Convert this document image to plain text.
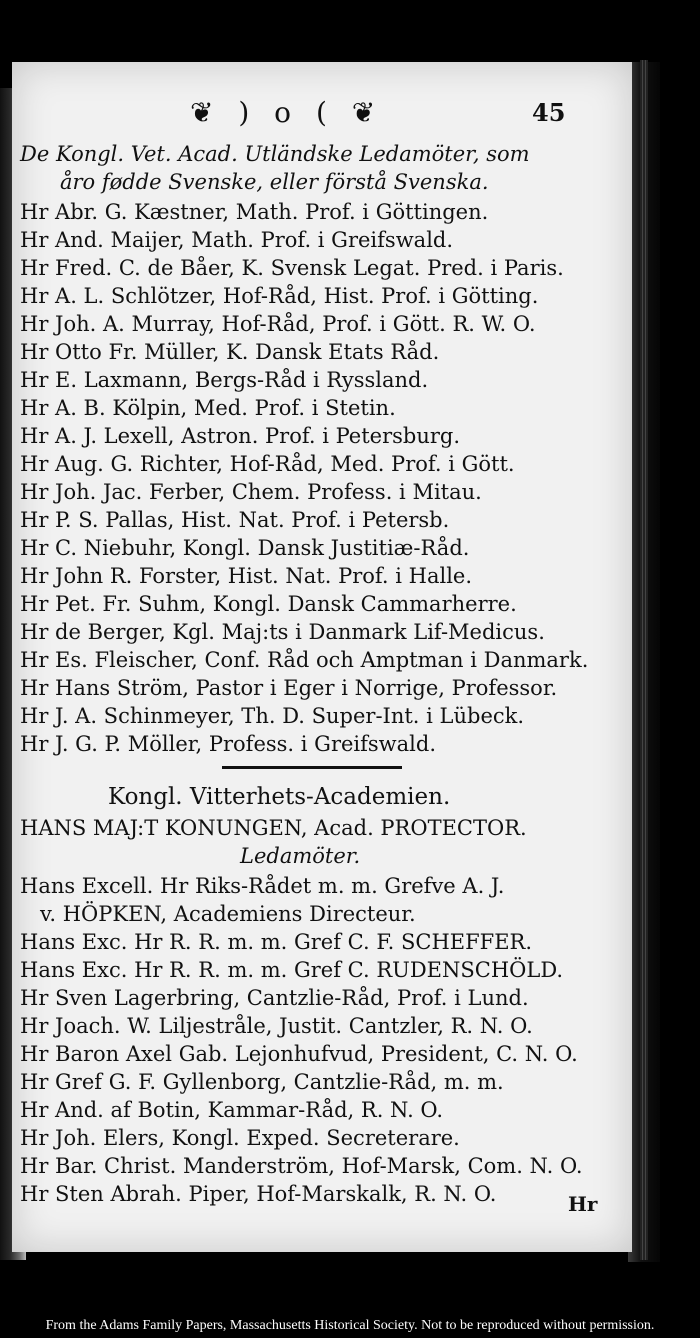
❦ ) o ( ❦	45
De Kongl. Vet. Acad. Utländske Ledamöter, som
åro fødde Svenske, eller förstå Svenska.
Hr Abr. G. Kæstner, Math. Prof. i Göttingen.
Hr And. Maijer, Math. Prof. i Greifswald.
Hr Fred. C. de Båer, K. Svensk Legat. Pred. i Paris.
Hr A. L. Schlötzer, Hof-Råd, Hist. Prof. i Götting.
Hr Joh. A. Murray, Hof-Råd, Prof. i Gött. R. W. O.
Hr Otto Fr. Müller, K. Dansk Etats Råd.
Hr E. Laxmann, Bergs-Råd i Ryssland.
Hr A. B. Kölpin, Med. Prof. i Stetin.
Hr A. J. Lexell, Astron. Prof. i Petersburg.
Hr Aug. G. Richter, Hof-Råd, Med. Prof. i Gött.
Hr Joh. Jac. Ferber, Chem. Profess. i Mitau.
Hr P. S. Pallas, Hist. Nat. Prof. i Petersb.
Hr C. Niebuhr, Kongl. Dansk Justitiæ-Råd.
Hr John R. Forster, Hist. Nat. Prof. i Halle.
Hr Pet. Fr. Suhm, Kongl. Dansk Cammarherre.
Hr de Berger, Kgl. Maj:ts i Danmark Lif-Medicus.
Hr Es. Fleischer, Conf. Råd och Amptman i Danmark.
Hr Hans Ström, Pastor i Eger i Norrige, Professor.
Hr J. A. Schinmeyer, Th. D. Super-Int. i Lübeck.
Hr J. G. P. Möller, Profess. i Greifswald.
Kongl. Vitterhets-Academien.
HANS MAJ:T KONUNGEN, Acad. PROTECTOR.
Ledamöter.
Hans Excell. Hr Riks-Rådet m. m. Grefve A. J.
v. HÖPKEN, Academiens Directeur.
Hans Exc. Hr R. R. m. m. Gref C. F. SCHEFFER.
Hans Exc. Hr R. R. m. m. Gref C. RUDENSCHÖLD.
Hr Sven Lagerbring, Cantzlie-Råd, Prof. i Lund.
Hr Joach. W. Liljestråle, Justit. Cantzler, R. N. O.
Hr Baron Axel Gab. Lejonhufvud, President, C. N. O.
Hr Gref G. F. Gyllenborg, Cantzlie-Råd, m. m.
Hr And. af Botin, Kammar-Råd, R. N. O.
Hr Joh. Elers, Kongl. Exped. Secreterare.
Hr Bar. Christ. Manderström, Hof-Marsk, Com. N. O.
Hr Sten Abrah. Piper, Hof-Marskalk, R. N. O.	Hr
From the Adams Family Papers, Massachusetts Historical Society. Not to be reproduced without permission.
